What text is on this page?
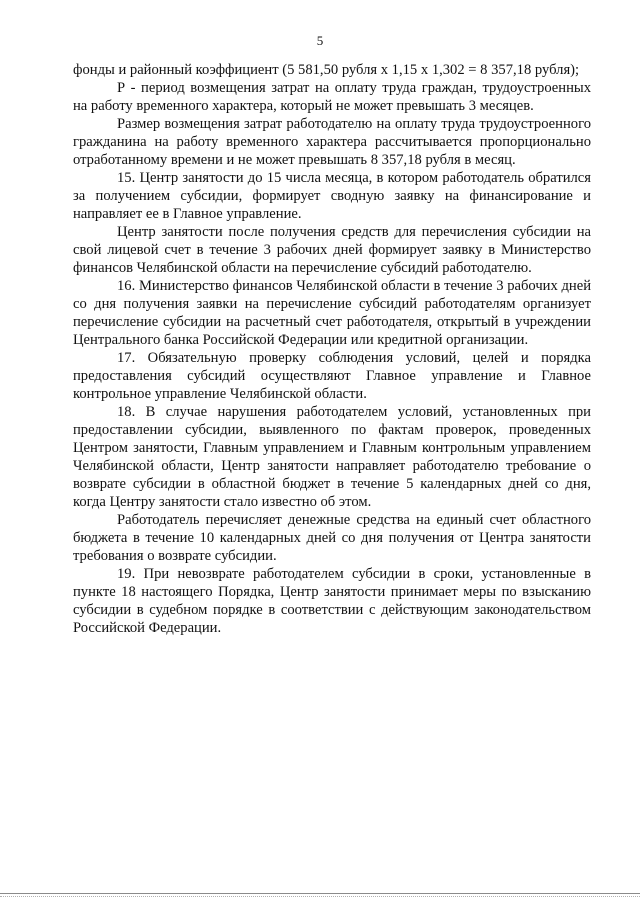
5

фонды и районный коэффициент (5 581,50 рубля х 1,15 х 1,302 = 8 357,18 рубля);

Р - период возмещения затрат на оплату труда граждан, трудоустроенных на работу временного характера, который не может превышать 3 месяцев.

Размер возмещения затрат работодателю на оплату труда трудоустроенного гражданина на работу временного характера рассчитывается пропорционально отработанному времени и не может превышать 8 357,18 рубля в месяц.

15. Центр занятости до 15 числа месяца, в котором работодатель обратился за получением субсидии, формирует сводную заявку на финансирование и направляет ее в Главное управление.

Центр занятости после получения средств для перечисления субсидии на свой лицевой счет в течение 3 рабочих дней формирует заявку в Министерство финансов Челябинской области на перечисление субсидий работодателю.

16. Министерство финансов Челябинской области в течение 3 рабочих дней со дня получения заявки на перечисление субсидий работодателям организует перечисление субсидии на расчетный счет работодателя, открытый в учреждении Центрального банка Российской Федерации или кредитной организации.

17. Обязательную проверку соблюдения условий, целей и порядка предоставления субсидий осуществляют Главное управление и Главное контрольное управление Челябинской области.

18. В случае нарушения работодателем условий, установленных при предоставлении субсидии, выявленного по фактам проверок, проведенных Центром занятости, Главным управлением и Главным контрольным управлением Челябинской области, Центр занятости направляет работодателю требование о возврате субсидии в областной бюджет в течение 5 календарных дней со дня, когда Центру занятости стало известно об этом.

Работодатель перечисляет денежные средства на единый счет областного бюджета в течение 10 календарных дней со дня получения от Центра занятости требования о возврате субсидии.

19. При невозврате работодателем субсидии в сроки, установленные в пункте 18 настоящего Порядка, Центр занятости принимает меры по взысканию субсидии в судебном порядке в соответствии с действующим законодательством Российской Федерации.
